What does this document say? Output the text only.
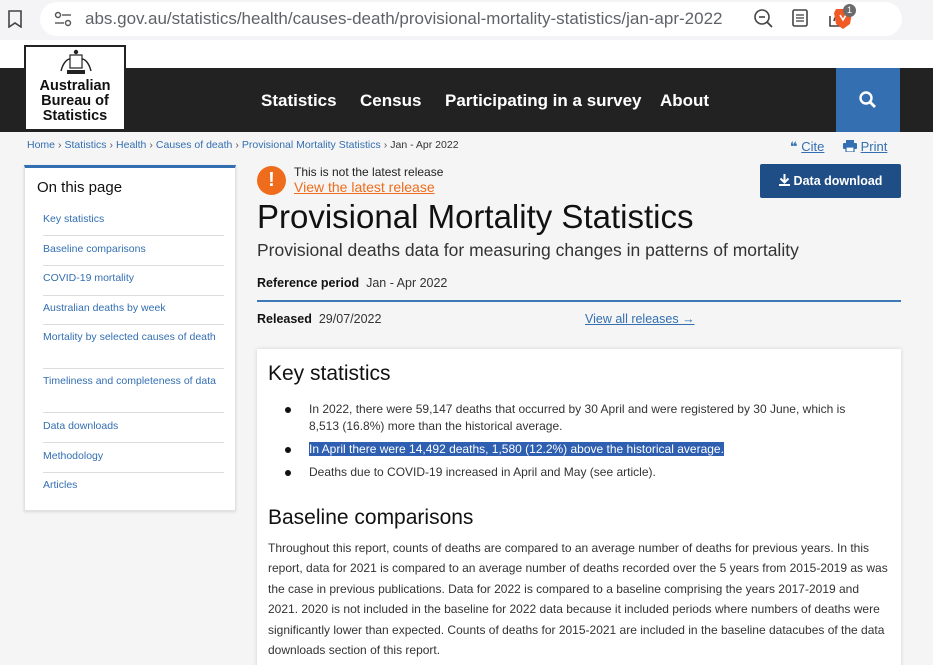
abs.gov.au/statistics/health/causes-death/provisional-mortality-statistics/jan-apr-2022	1
Australian
Bureau of
Statistics
Statistics Census Participating in a survey About
Home › Statistics › Health › Causes of death › Provisional Mortality Statistics › Jan - Apr 2022	❝ Cite	Print
On this page
Key statistics
Baseline comparisons
COVID-19 mortality
Australian deaths by week
Mortality by selected causes of death
Timeliness and completeness of data
Data downloads
Methodology
Articles
!	This is not the latest release
View the latest release	Data download
Provisional Mortality Statistics
Provisional deaths data for measuring changes in patterns of mortality
Reference period Jan - Apr 2022
Released 29/07/2022	View all releases →
Key statistics
In 2022, there were 59,147 deaths that occurred by 30 April and were registered by 30 June, which is 8,513 (16.8%) more than the historical average.
In April there were 14,492 deaths, 1,580 (12.2%) above the historical average.
Deaths due to COVID-19 increased in April and May (see article).
Baseline comparisons
Throughout this report, counts of deaths are compared to an average number of deaths for previous years. In this report, data for 2021 is compared to an average number of deaths recorded over the 5 years from 2015-2019 as was the case in previous publications. Data for 2022 is compared to a baseline comprising the years 2017-2019 and 2021. 2020 is not included in the baseline for 2022 data because it included periods where numbers of deaths were significantly lower than expected. Counts of deaths for 2015-2021 are included in the baseline datacubes of the data downloads section of this report.
